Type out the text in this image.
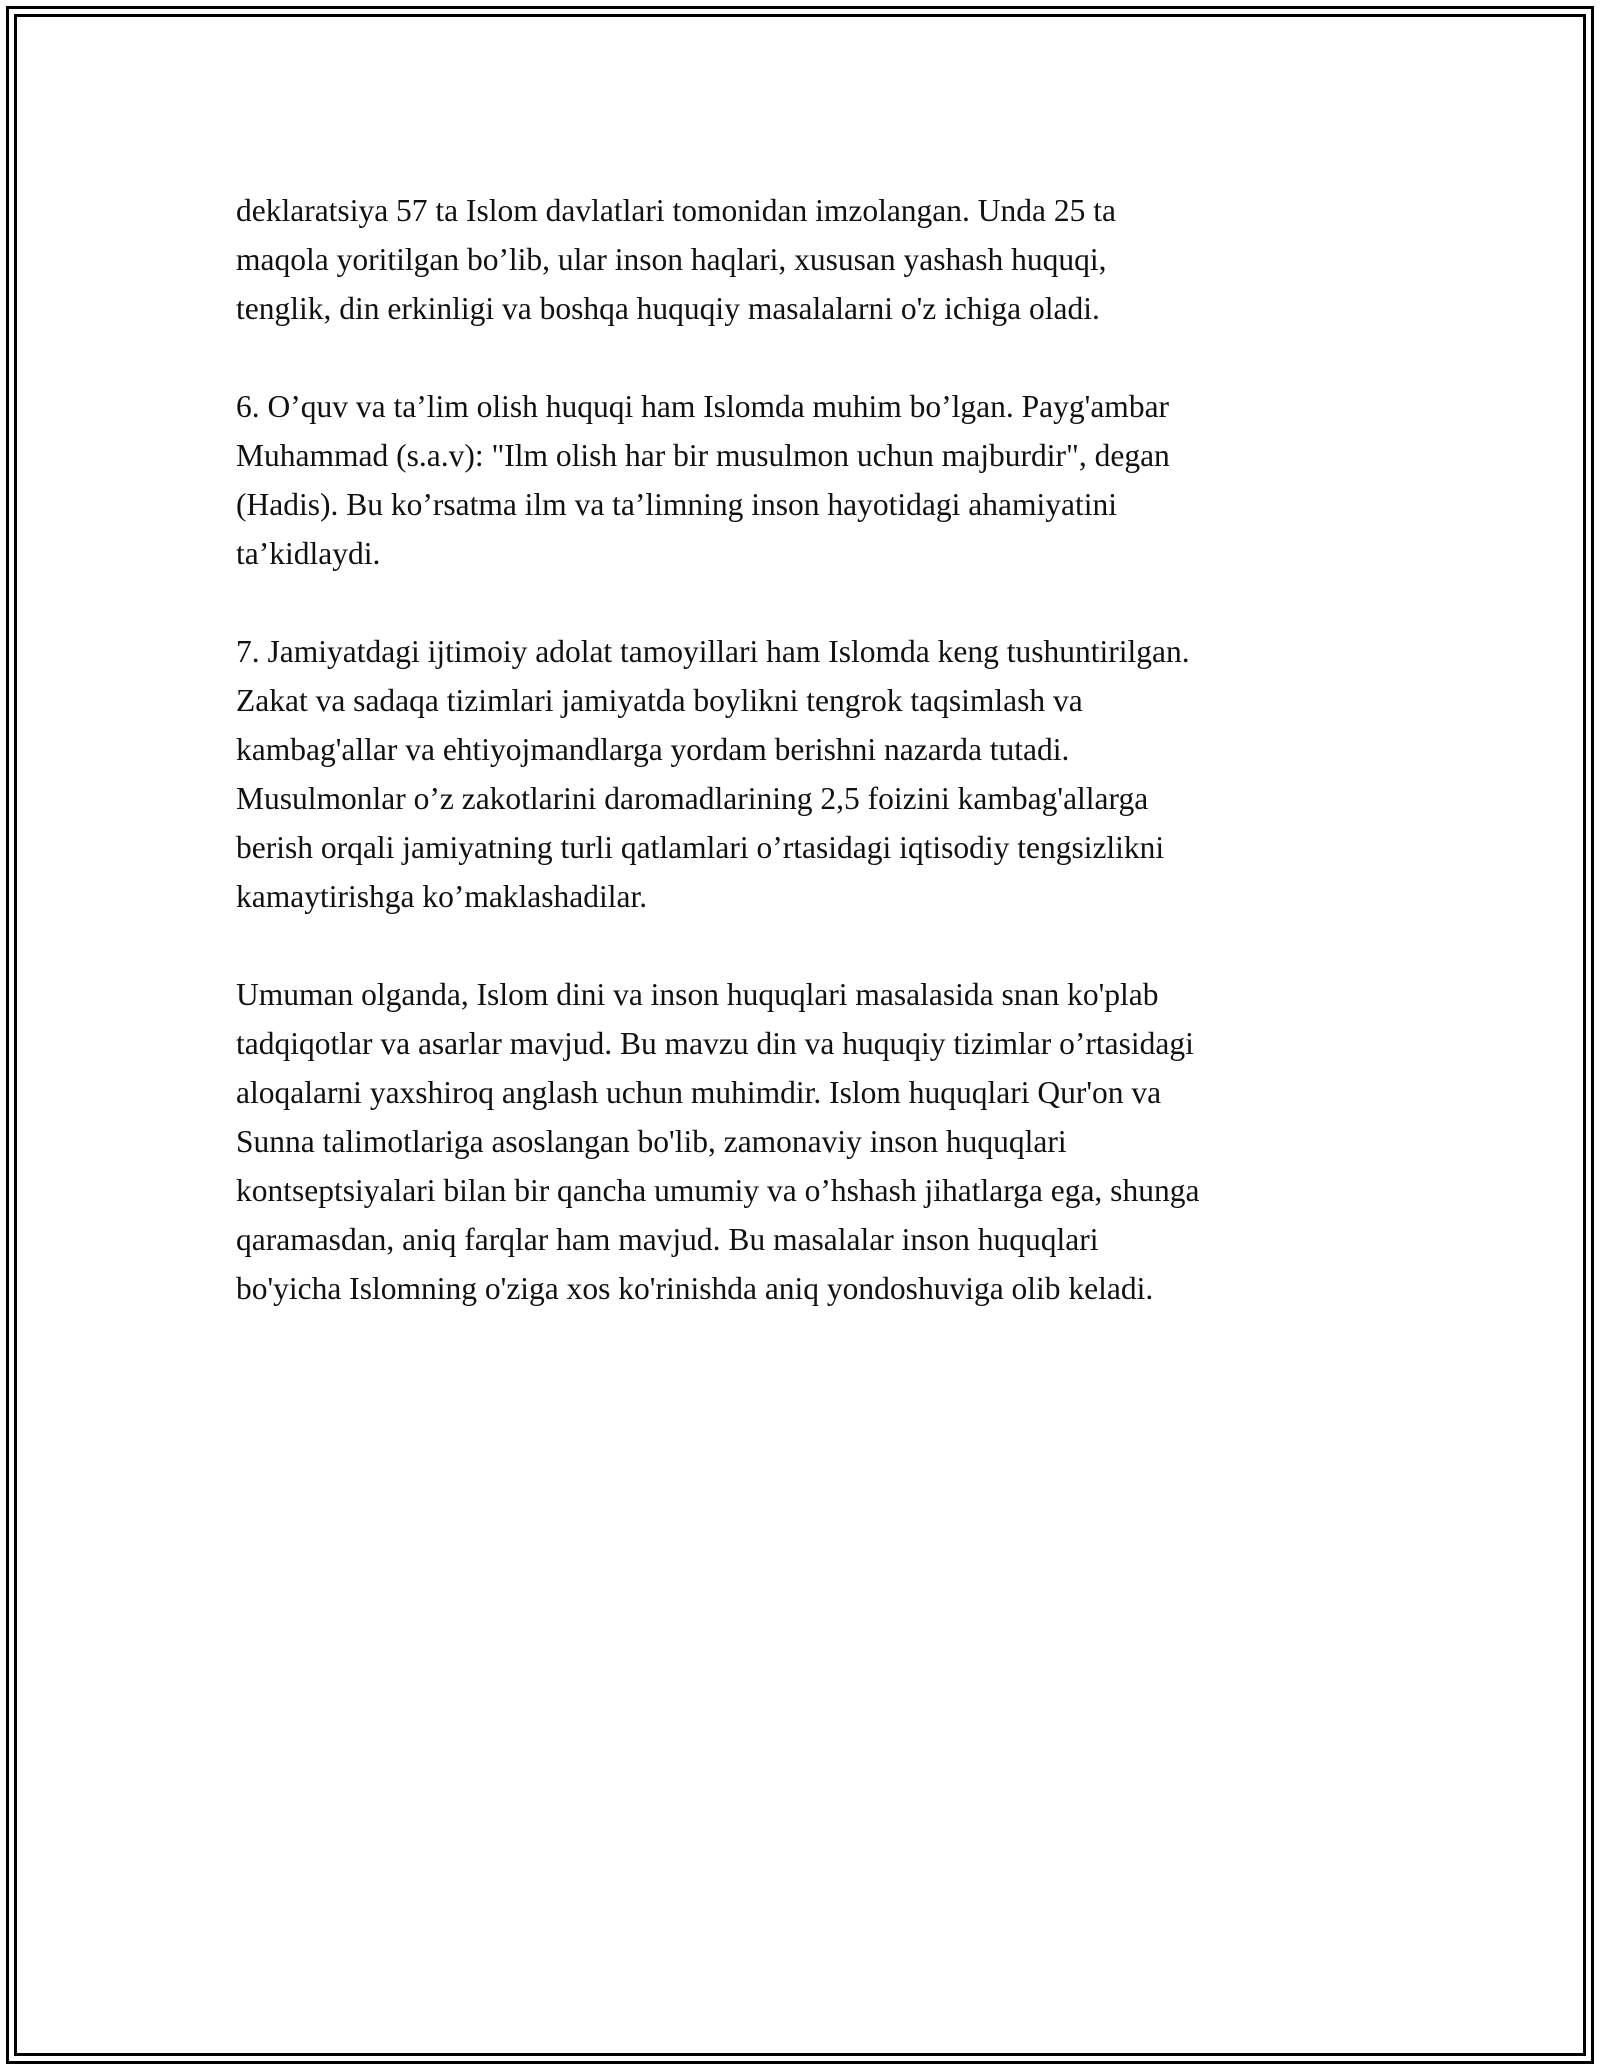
deklaratsiya 57 ta Islom davlatlari tomonidan imzolangan. Unda 25 ta
maqola yoritilgan bo’lib, ular inson haqlari, xususan yashash huquqi,
tenglik, din erkinligi va boshqa huquqiy masalalarni o'z ichiga oladi.

6. O’quv va ta’lim olish huquqi ham Islomda muhim bo’lgan. Payg'ambar
Muhammad (s.a.v): "Ilm olish har bir musulmon uchun majburdir", degan
(Hadis). Bu ko’rsatma ilm va ta’limning inson hayotidagi ahamiyatini
ta’kidlaydi.

7. Jamiyatdagi ijtimoiy adolat tamoyillari ham Islomda keng tushuntirilgan.
Zakat va sadaqa tizimlari jamiyatda boylikni tengrok taqsimlash va
kambag'allar va ehtiyojmandlarga yordam berishni nazarda tutadi.
Musulmonlar o’z zakotlarini daromadlarining 2,5 foizini kambag'allarga
berish orqali jamiyatning turli qatlamlari o’rtasidagi iqtisodiy tengsizlikni
kamaytirishga ko’maklashadilar.

Umuman olganda, Islom dini va inson huquqlari masalasida snan ko'plab
tadqiqotlar va asarlar mavjud. Bu mavzu din va huquqiy tizimlar o’rtasidagi
aloqalarni yaxshiroq anglash uchun muhimdir. Islom huquqlari Qur'on va
Sunna talimotlariga asoslangan bo'lib, zamonaviy inson huquqlari
kontseptsiyalari bilan bir qancha umumiy va o’hshash jihatlarga ega, shunga
qaramasdan, aniq farqlar ham mavjud. Bu masalalar inson huquqlari
bo'yicha Islomning o'ziga xos ko'rinishda aniq yondoshuviga olib keladi.
